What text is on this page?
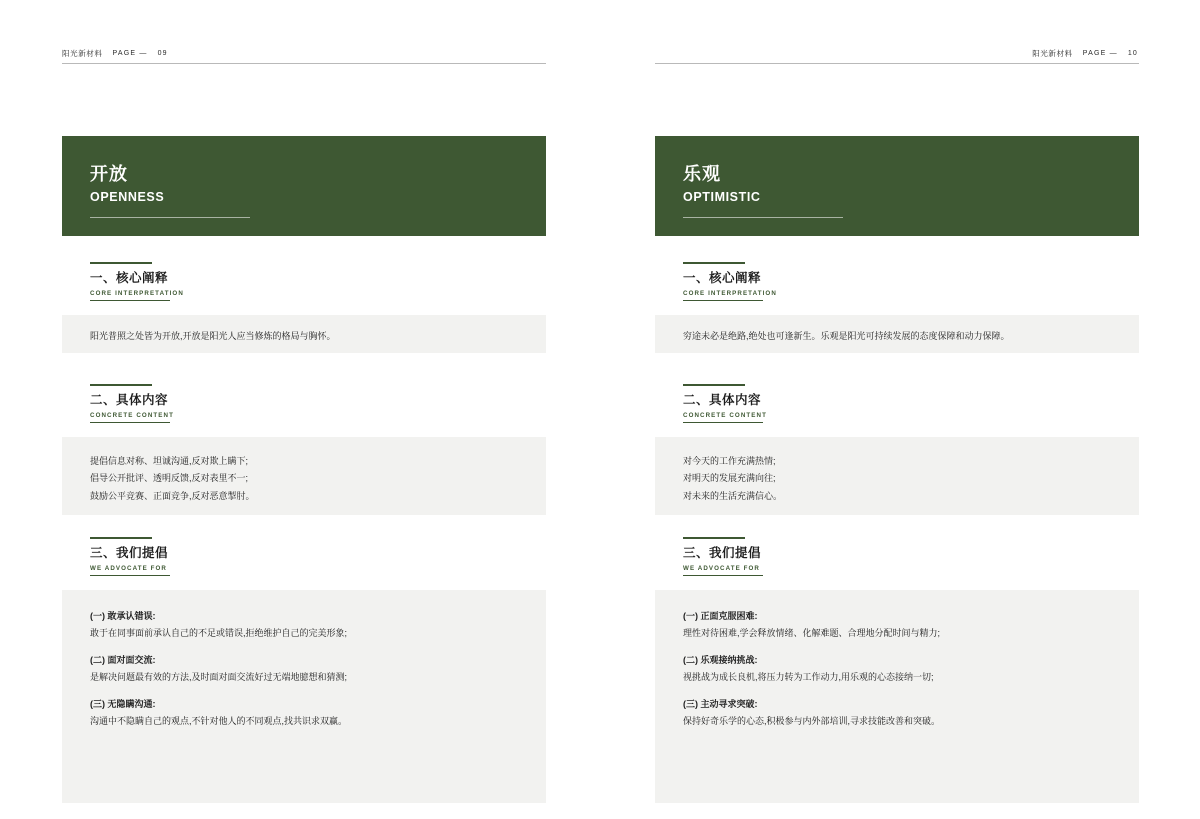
阳光新材料 PAGE — 09
开放
OPENNESS
一、核心阐释
CORE INTERPRETATION

阳光普照之处皆为开放,开放是阳光人应当修炼的格局与胸怀。

二、具体内容
CONCRETE CONTENT

提倡信息对称、坦诚沟通,反对欺上瞒下;

倡导公开批评、透明反馈,反对表里不一;

鼓励公平竞赛、正面竞争,反对恶意掣肘。

三、我们提倡
WE ADVOCATE FOR
(一) 敢承认错误:
敢于在同事面前承认自己的不足或错误,拒绝维护自己的完美形象;
(二) 面对面交流:
是解决问题最有效的方法,及时面对面交流好过无端地臆想和猜测;
(三) 无隐瞒沟通:
沟通中不隐瞒自己的观点,不针对他人的不同观点,找共识求双赢。
阳光新材料 PAGE — 10
乐观
OPTIMISTIC
一、核心阐释
CORE INTERPRETATION

穷途未必是绝路,绝处也可逢新生。乐观是阳光可持续发展的态度保障和动力保障。

二、具体内容
CONCRETE CONTENT

对今天的工作充满热情;

对明天的发展充满向往;

对未来的生活充满信心。

三、我们提倡
WE ADVOCATE FOR
(一) 正面克服困难:
理性对待困难,学会释放情绪、化解难题、合理地分配时间与精力;
(二) 乐观接纳挑战:
视挑战为成长良机,将压力转为工作动力,用乐观的心态接纳一切;
(三) 主动寻求突破:
保持好奇乐学的心态,积极参与内外部培训,寻求技能改善和突破。
